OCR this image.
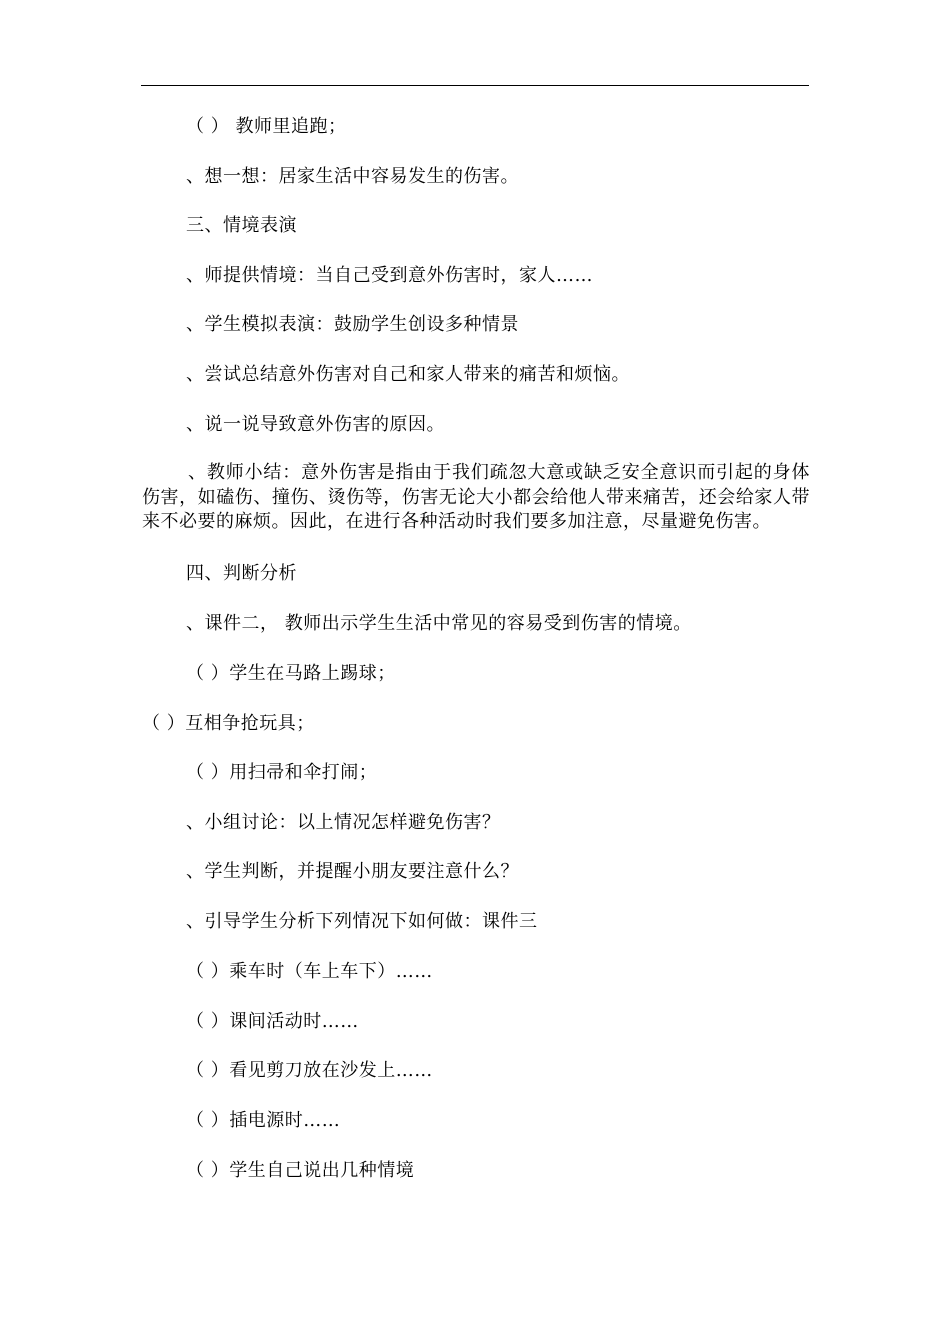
（ ） 教师里追跑；
、想一想：居家生活中容易发生的伤害。
三、情境表演
、师提供情境：当自己受到意外伤害时，家人……
、学生模拟表演：鼓励学生创设多种情景
、尝试总结意外伤害对自己和家人带来的痛苦和烦恼。
、说一说导致意外伤害的原因。
、教师小结：意外伤害是指由于我们疏忽大意或缺乏安全意识而引起的身体伤害，如磕伤、撞伤、烫伤等，伤害无论大小都会给他人带来痛苦，还会给家人带来不必要的麻烦。因此，在进行各种活动时我们要多加注意，尽量避免伤害。
四、判断分析
、课件二， 教师出示学生生活中常见的容易受到伤害的情境。
（ ）学生在马路上踢球；
（ ）互相争抢玩具；
（ ）用扫帚和伞打闹；
、小组讨论：以上情况怎样避免伤害？
、学生判断，并提醒小朋友要注意什么？
、引导学生分析下列情况下如何做：课件三
（ ）乘车时（车上车下）……
（ ）课间活动时……
（ ）看见剪刀放在沙发上……
（ ）插电源时……
（ ）学生自己说出几种情境
